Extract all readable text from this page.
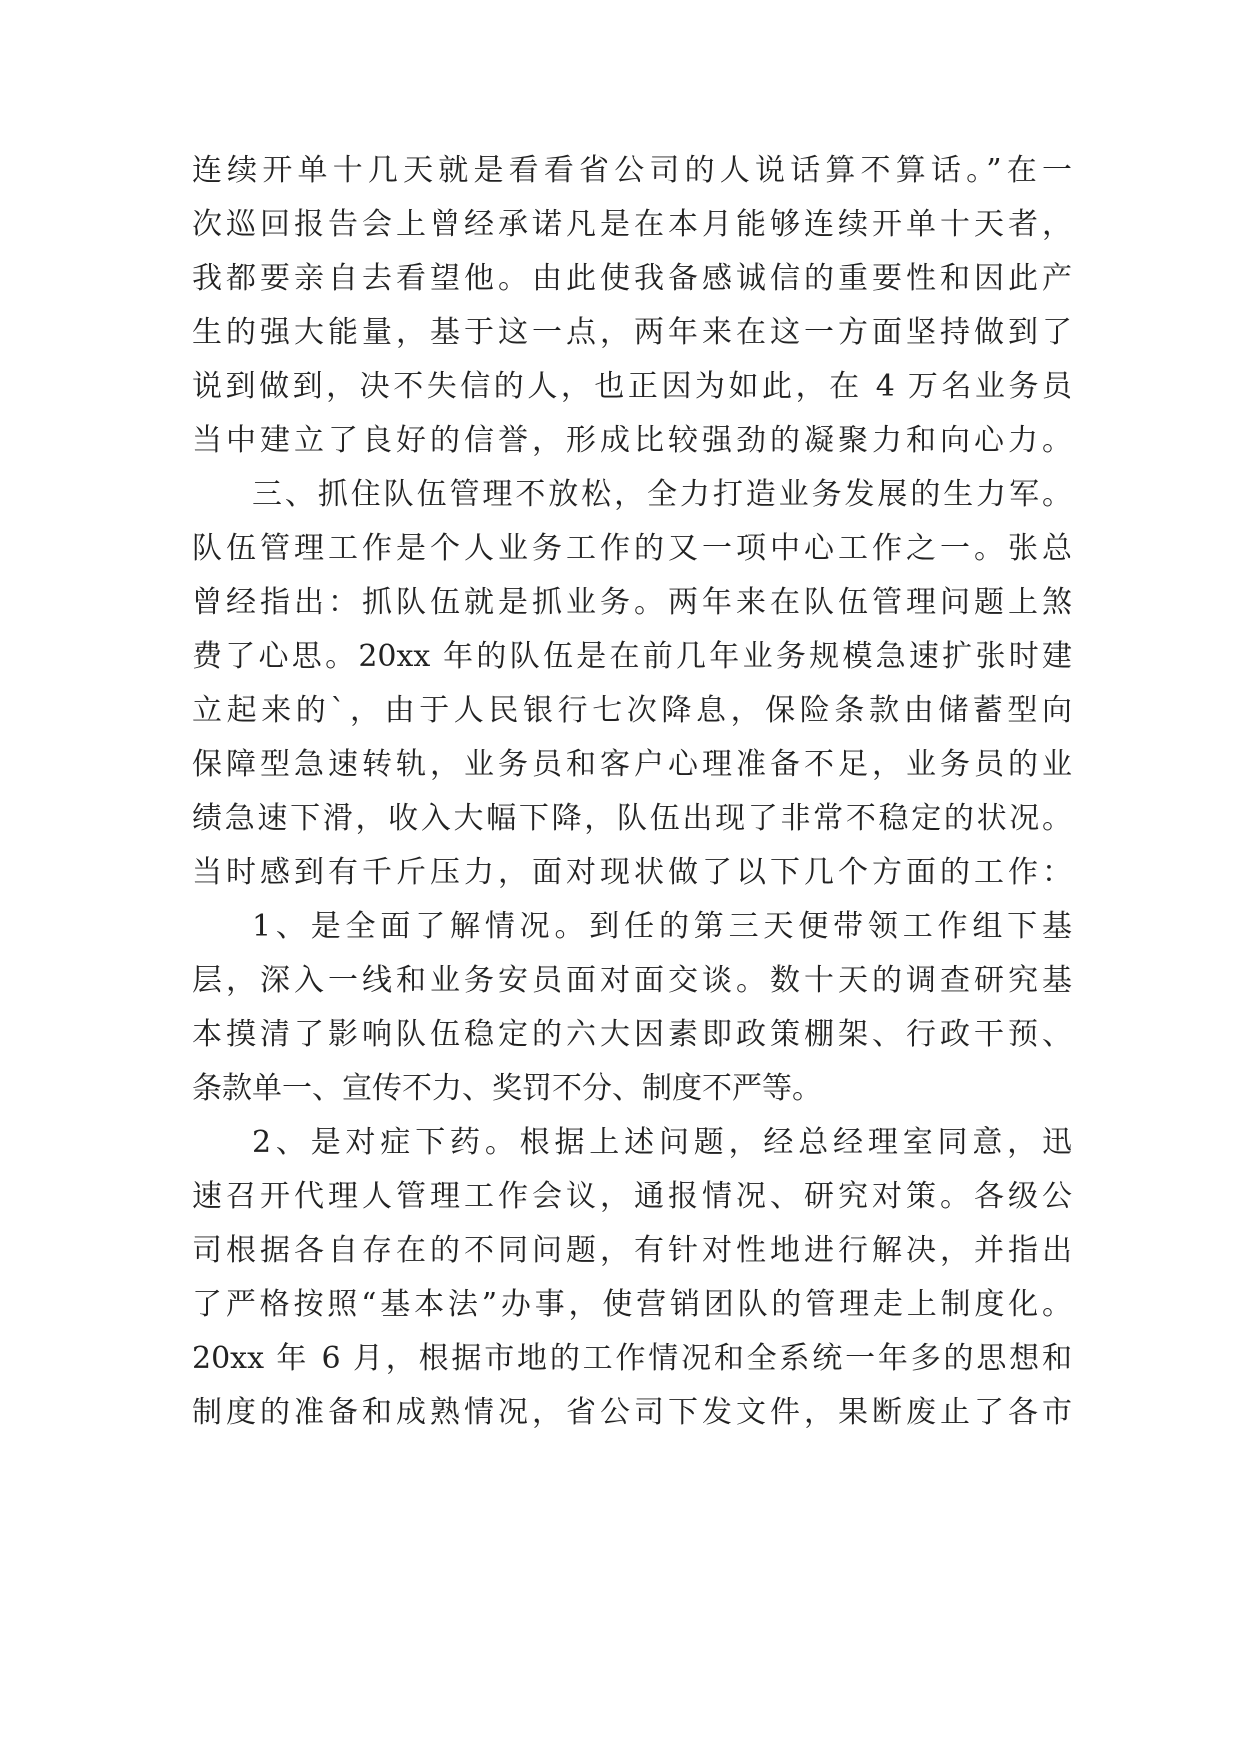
连续开单十几天就是看看省公司的人说话算不算话。”在一
次巡回报告会上曾经承诺凡是在本月能够连续开单十天者，
我都要亲自去看望他。由此使我备感诚信的重要性和因此产
生的强大能量，基于这一点，两年来在这一方面坚持做到了
说到做到，决不失信的人，也正因为如此，在 4 万名业务员
当中建立了良好的信誉，形成比较强劲的凝聚力和向心力。
三、抓住队伍管理不放松，全力打造业务发展的生力军。
队伍管理工作是个人业务工作的又一项中心工作之一。张总
曾经指出：抓队伍就是抓业务。两年来在队伍管理问题上煞
费了心思。20xx 年的队伍是在前几年业务规模急速扩张时建
立起来的`，由于人民银行七次降息，保险条款由储蓄型向
保障型急速转轨，业务员和客户心理准备不足，业务员的业
绩急速下滑，收入大幅下降，队伍出现了非常不稳定的状况。
当时感到有千斤压力，面对现状做了以下几个方面的工作：
1、是全面了解情况。到任的第三天便带领工作组下基
层，深入一线和业务安员面对面交谈。数十天的调查研究基
本摸清了影响队伍稳定的六大因素即政策棚架、行政干预、
条款单一、宣传不力、奖罚不分、制度不严等。
2、是对症下药。根据上述问题，经总经理室同意，迅
速召开代理人管理工作会议，通报情况、研究对策。各级公
司根据各自存在的不同问题，有针对性地进行解决，并指出
了严格按照“基本法”办事，使营销团队的管理走上制度化。
20xx 年 6 月，根据市地的工作情况和全系统一年多的思想和
制度的准备和成熟情况，省公司下发文件，果断废止了各市
